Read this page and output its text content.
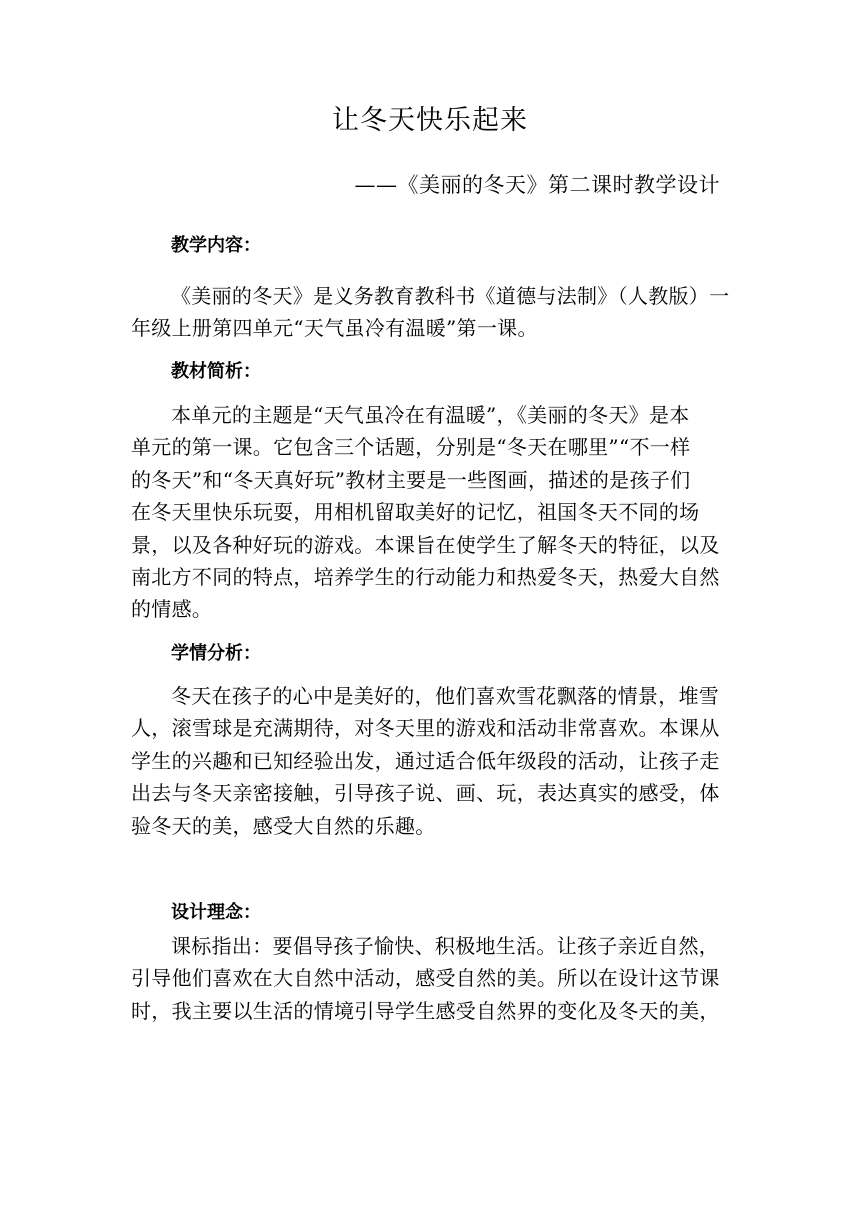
让冬天快乐起来
——《美丽的冬天》第二课时教学设计
教学内容：
《美丽的冬天》是义务教育教科书《道德与法制》（人教版）一
年级上册第四单元“天气虽冷有温暖”第一课。
教材简析：
本单元的主题是“天气虽冷在有温暖”，《美丽的冬天》是本
单元的第一课。它包含三个话题，分别是“冬天在哪里”“不一样
的冬天”和“冬天真好玩”教材主要是一些图画，描述的是孩子们
在冬天里快乐玩耍，用相机留取美好的记忆，祖国冬天不同的场
景，以及各种好玩的游戏。本课旨在使学生了解冬天的特征，以及
南北方不同的特点，培养学生的行动能力和热爱冬天，热爱大自然
的情感。
学情分析：
冬天在孩子的心中是美好的，他们喜欢雪花飘落的情景，堆雪
人，滚雪球是充满期待，对冬天里的游戏和活动非常喜欢。本课从
学生的兴趣和已知经验出发，通过适合低年级段的活动，让孩子走
出去与冬天亲密接触，引导孩子说、画、玩，表达真实的感受，体
验冬天的美，感受大自然的乐趣。
设计理念：
课标指出：要倡导孩子愉快、积极地生活。让孩子亲近自然，
引导他们喜欢在大自然中活动，感受自然的美。所以在设计这节课
时，我主要以生活的情境引导学生感受自然界的变化及冬天的美，
